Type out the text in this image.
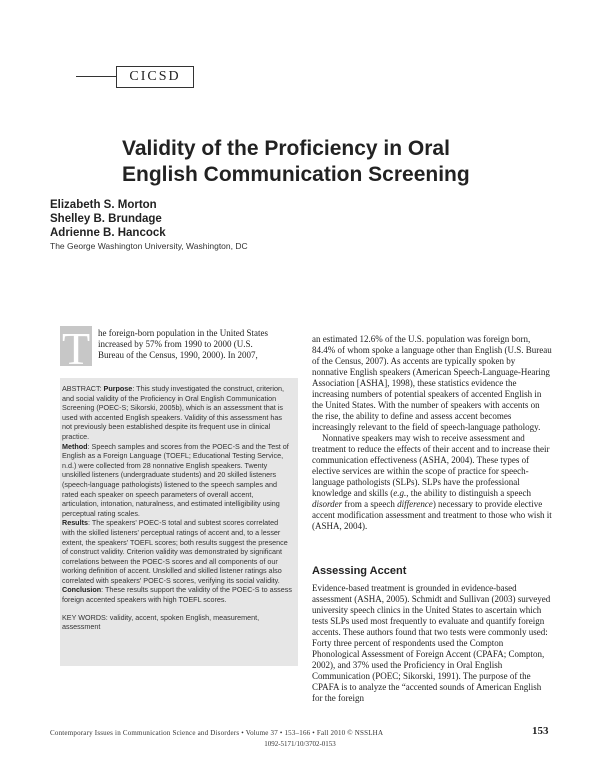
CICSD
Validity of the Proficiency in Oral
English Communication Screening
Elizabeth S. Morton
Shelley B. Brundage
Adrienne B. Hancock
The George Washington University, Washington, DC
T he foreign-born population in the United States
increased by 57% from 1990 to 2000 (U.S.
Bureau of the Census, 1990, 2000). In 2007,

ABSTRACT: Purpose: This study investigated the construct, criterion, and social validity of the Proficiency in Oral English Communication Screening (POEC-S; Sikorski, 2005b), which is an assessment that is used with accented English speakers. Validity of this assessment has not previously been established despite its frequent use in clinical practice.

Method: Speech samples and scores from the POEC-S and the Test of English as a Foreign Language (TOEFL; Educational Testing Service, n.d.) were collected from 28 nonnative English speakers. Twenty unskilled listeners (undergraduate students) and 20 skilled listeners (speech-language pathologists) listened to the speech samples and rated each speaker on speech parameters of overall accent, articulation, intonation, naturalness, and estimated intelligibility using perceptual rating scales.

Results: The speakers' POEC-S total and subtest scores correlated with the skilled listeners' perceptual ratings of accent and, to a lesser extent, the speakers' TOEFL scores; both results suggest the presence of construct validity. Criterion validity was demonstrated by significant correlations between the POEC-S scores and all components of our working definition of accent. Unskilled and skilled listener ratings also correlated with speakers' POEC-S scores, verifying its social validity.

Conclusion: These results support the validity of the POEC-S to assess foreign accented speakers with high TOEFL scores.

KEY WORDS: validity, accent, spoken English, measurement, assessment

an estimated 12.6% of the U.S. population was foreign born, 84.4% of whom spoke a language other than English (U.S. Bureau of the Census, 2007). As accents are typically spoken by nonnative English speakers (American Speech-Language-Hearing Association [ASHA], 1998), these statistics evidence the increasing numbers of potential speakers of accented English in the United States. With the number of speakers with accents on the rise, the ability to define and assess accent becomes increasingly relevant to the field of speech-language pathology.

Nonnative speakers may wish to receive assessment and treatment to reduce the effects of their accent and to increase their communication effectiveness (ASHA, 2004). These types of elective services are within the scope of practice for speech-language pathologists (SLPs). SLPs have the professional knowledge and skills (e.g., the ability to distinguish a speech disorder from a speech difference) necessary to provide elective accent modification assessment and treatment to those who wish it (ASHA, 2004).

Assessing Accent

Evidence-based treatment is grounded in evidence-based assessment (ASHA, 2005). Schmidt and Sullivan (2003) surveyed university speech clinics in the United States to ascertain which tests SLPs used most frequently to evaluate and quantify foreign accents. These authors found that two tests were commonly used: Forty three percent of respondents used the Compton Phonological Assessment of Foreign Accent (CPAFA; Compton, 2002), and 37% used the Proficiency in Oral English Communication (POEC; Sikorski, 1991). The purpose of the CPAFA is to analyze the “accented sounds of American English for the foreign

Contemporary Issues in Communication Science and Disorders • Volume 37 • 153–166 • Fall 2010 © NSSLHA	153
1092-5171/10/3702-0153
